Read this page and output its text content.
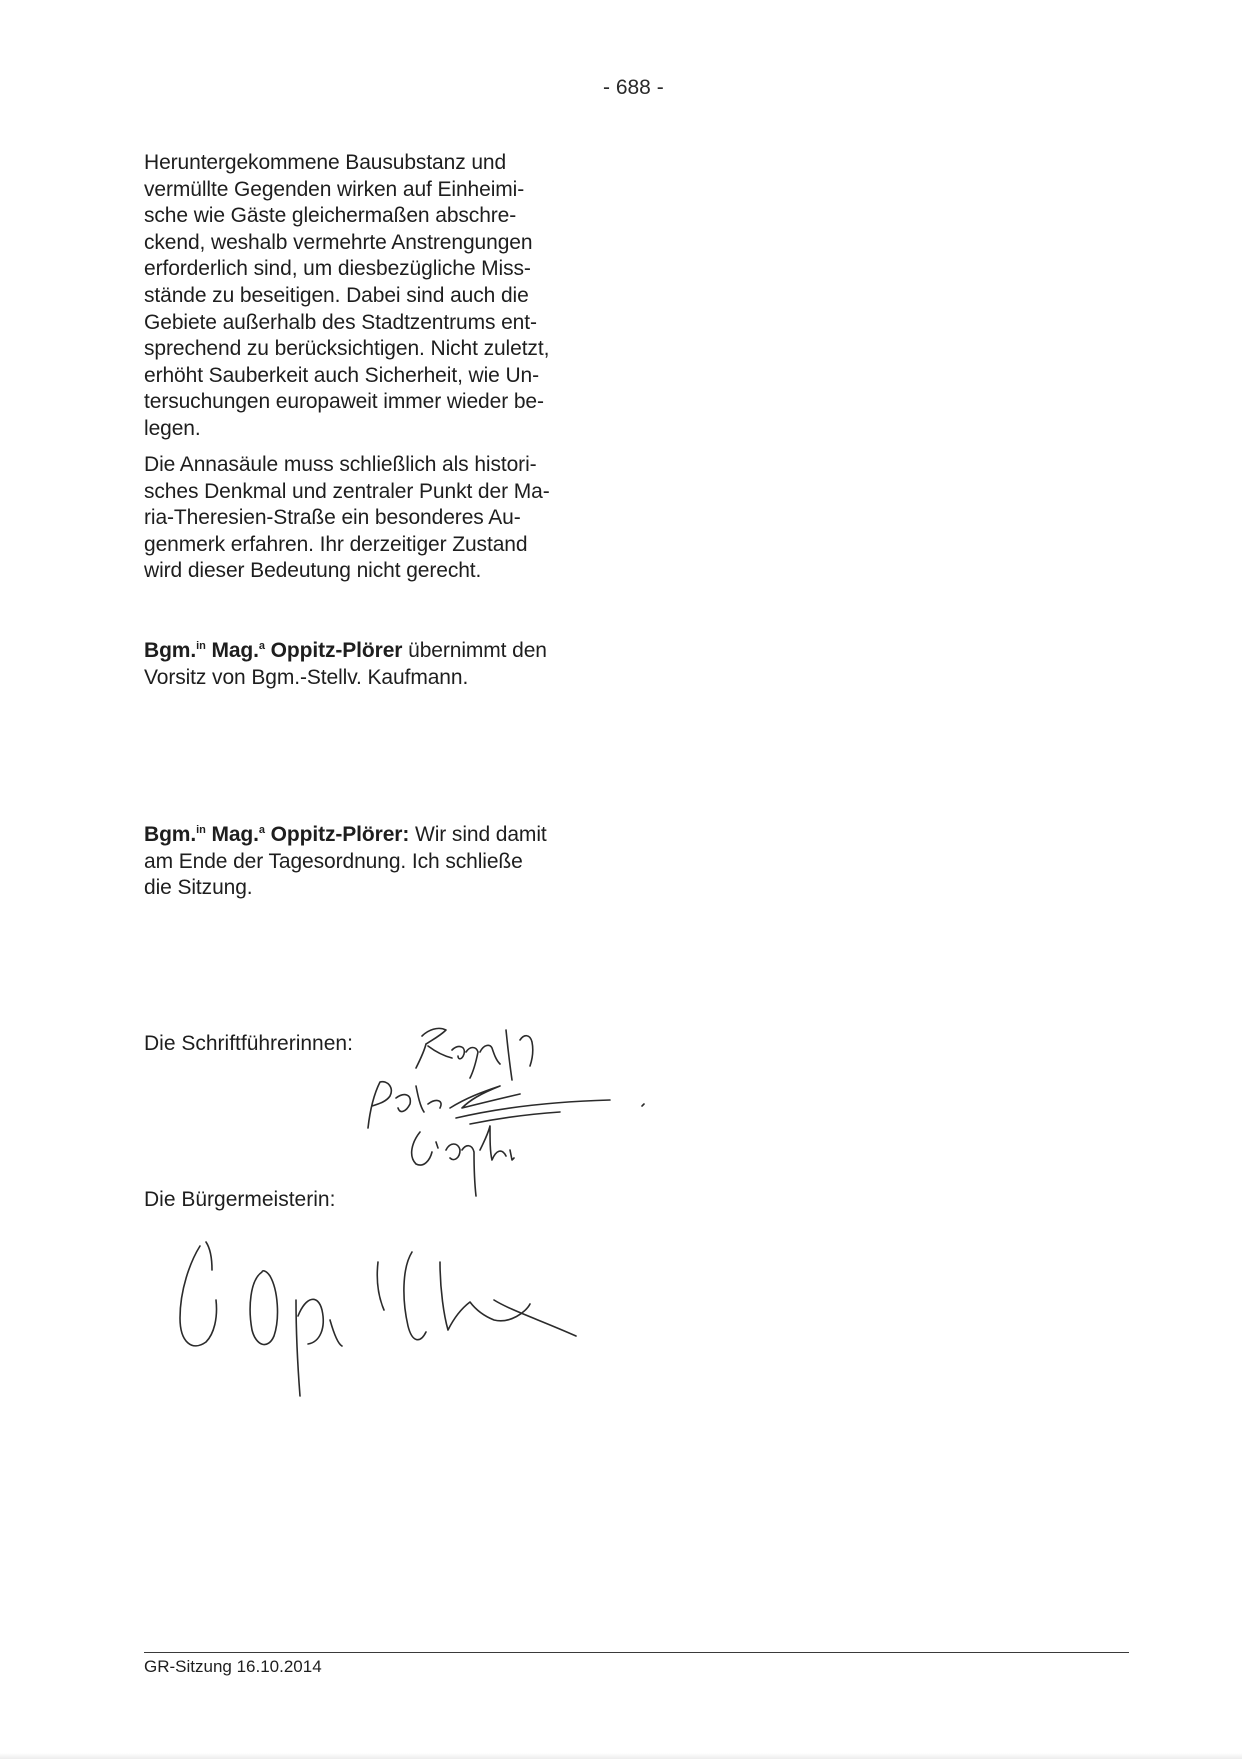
- 688 -

Heruntergekommene Bausubstanz und
vermüllte Gegenden wirken auf Einheimi-
sche wie Gäste gleichermaßen abschre-
ckend, weshalb vermehrte Anstrengungen
erforderlich sind, um diesbezügliche Miss-
stände zu beseitigen. Dabei sind auch die
Gebiete außerhalb des Stadtzentrums ent-
sprechend zu berücksichtigen. Nicht zuletzt,
erhöht Sauberkeit auch Sicherheit, wie Un-
tersuchungen europaweit immer wieder be-
legen.

Die Annasäule muss schließlich als histori-
sches Denkmal und zentraler Punkt der Ma-
ria-Theresien-Straße ein besonderes Au-
genmerk erfahren. Ihr derzeitiger Zustand
wird dieser Bedeutung nicht gerecht.

Bgm.$^{in}$ Mag.$^a$ Oppitz-Plörer übernimmt den
Vorsitz von Bgm.-Stellv. Kaufmann.

Bgm.$^{in}$ Mag.$^a$ Oppitz-Plörer: Wir sind damit
am Ende der Tagesordnung. Ich schließe
die Sitzung.

Die Schriftführerinnen:
Die Bürgermeisterin:
GR-Sitzung 16.10.2014
